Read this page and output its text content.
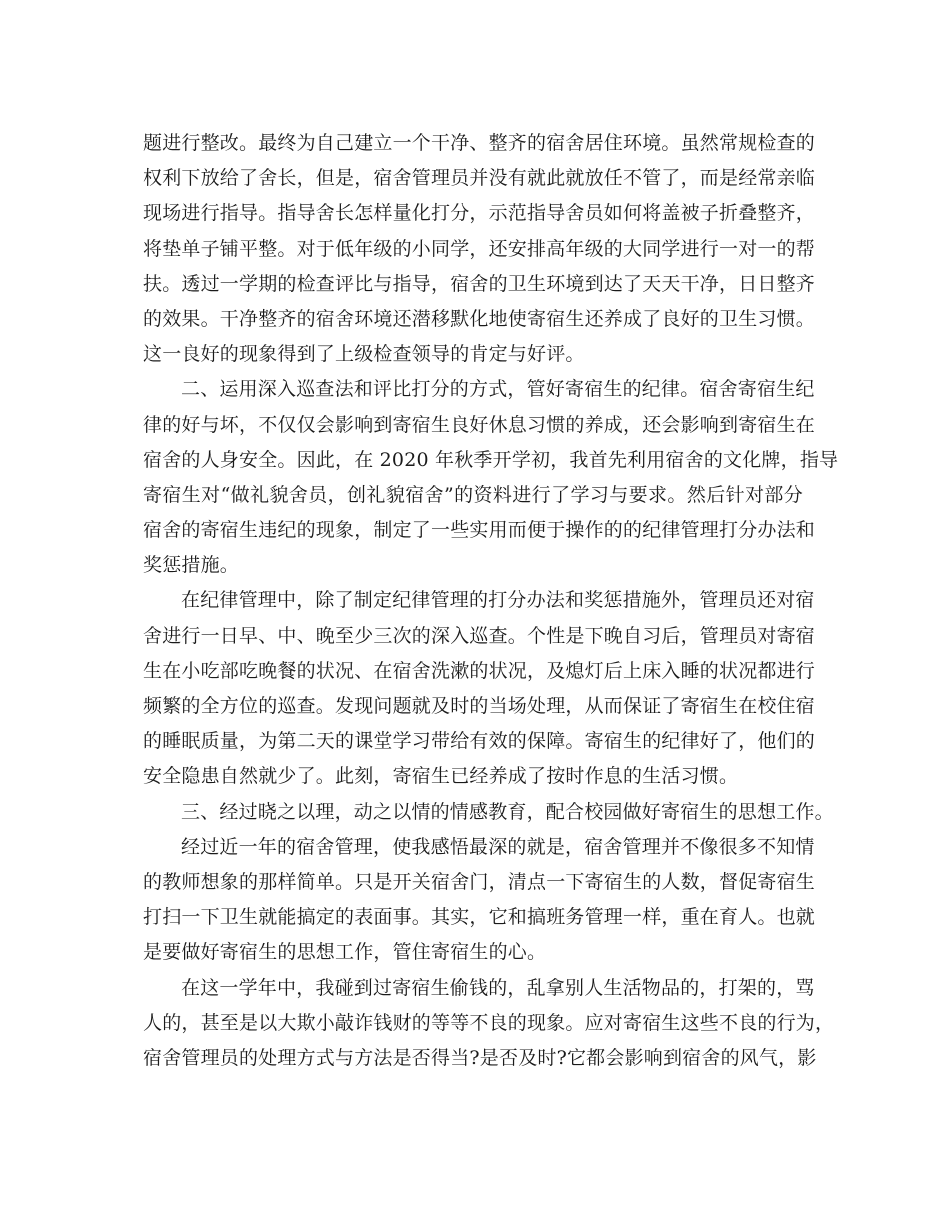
题进行整改。最终为自己建立一个干净、整齐的宿舍居住环境。虽然常规检查的
权利下放给了舍长，但是，宿舍管理员并没有就此就放任不管了，而是经常亲临
现场进行指导。指导舍长怎样量化打分，示范指导舍员如何将盖被子折叠整齐，
将垫单子铺平整。对于低年级的小同学，还安排高年级的大同学进行一对一的帮
扶。透过一学期的检查评比与指导，宿舍的卫生环境到达了天天干净，日日整齐
的效果。干净整齐的宿舍环境还潜移默化地使寄宿生还养成了良好的卫生习惯。
这一良好的现象得到了上级检查领导的肯定与好评。
二、运用深入巡查法和评比打分的方式，管好寄宿生的纪律。宿舍寄宿生纪
律的好与坏，不仅仅会影响到寄宿生良好休息习惯的养成，还会影响到寄宿生在
宿舍的人身安全。因此，在 2020 年秋季开学初，我首先利用宿舍的文化牌，指导
寄宿生对“做礼貌舍员，创礼貌宿舍”的资料进行了学习与要求。然后针对部分
宿舍的寄宿生违纪的现象，制定了一些实用而便于操作的的纪律管理打分办法和
奖惩措施。
在纪律管理中，除了制定纪律管理的打分办法和奖惩措施外，管理员还对宿
舍进行一日早、中、晚至少三次的深入巡查。个性是下晚自习后，管理员对寄宿
生在小吃部吃晚餐的状况、在宿舍洗漱的状况，及熄灯后上床入睡的状况都进行
频繁的全方位的巡查。发现问题就及时的当场处理，从而保证了寄宿生在校住宿
的睡眠质量，为第二天的课堂学习带给有效的保障。寄宿生的纪律好了，他们的
安全隐患自然就少了。此刻，寄宿生已经养成了按时作息的生活习惯。
三、经过晓之以理，动之以情的情感教育，配合校园做好寄宿生的思想工作。
经过近一年的宿舍管理，使我感悟最深的就是，宿舍管理并不像很多不知情
的教师想象的那样简单。只是开关宿舍门，清点一下寄宿生的人数，督促寄宿生
打扫一下卫生就能搞定的表面事。其实，它和搞班务管理一样，重在育人。也就
是要做好寄宿生的思想工作，管住寄宿生的心。
在这一学年中，我碰到过寄宿生偷钱的，乱拿别人生活物品的，打架的，骂
人的，甚至是以大欺小敲诈钱财的等等不良的现象。应对寄宿生这些不良的行为，
宿舍管理员的处理方式与方法是否得当?是否及时?它都会影响到宿舍的风气，影
